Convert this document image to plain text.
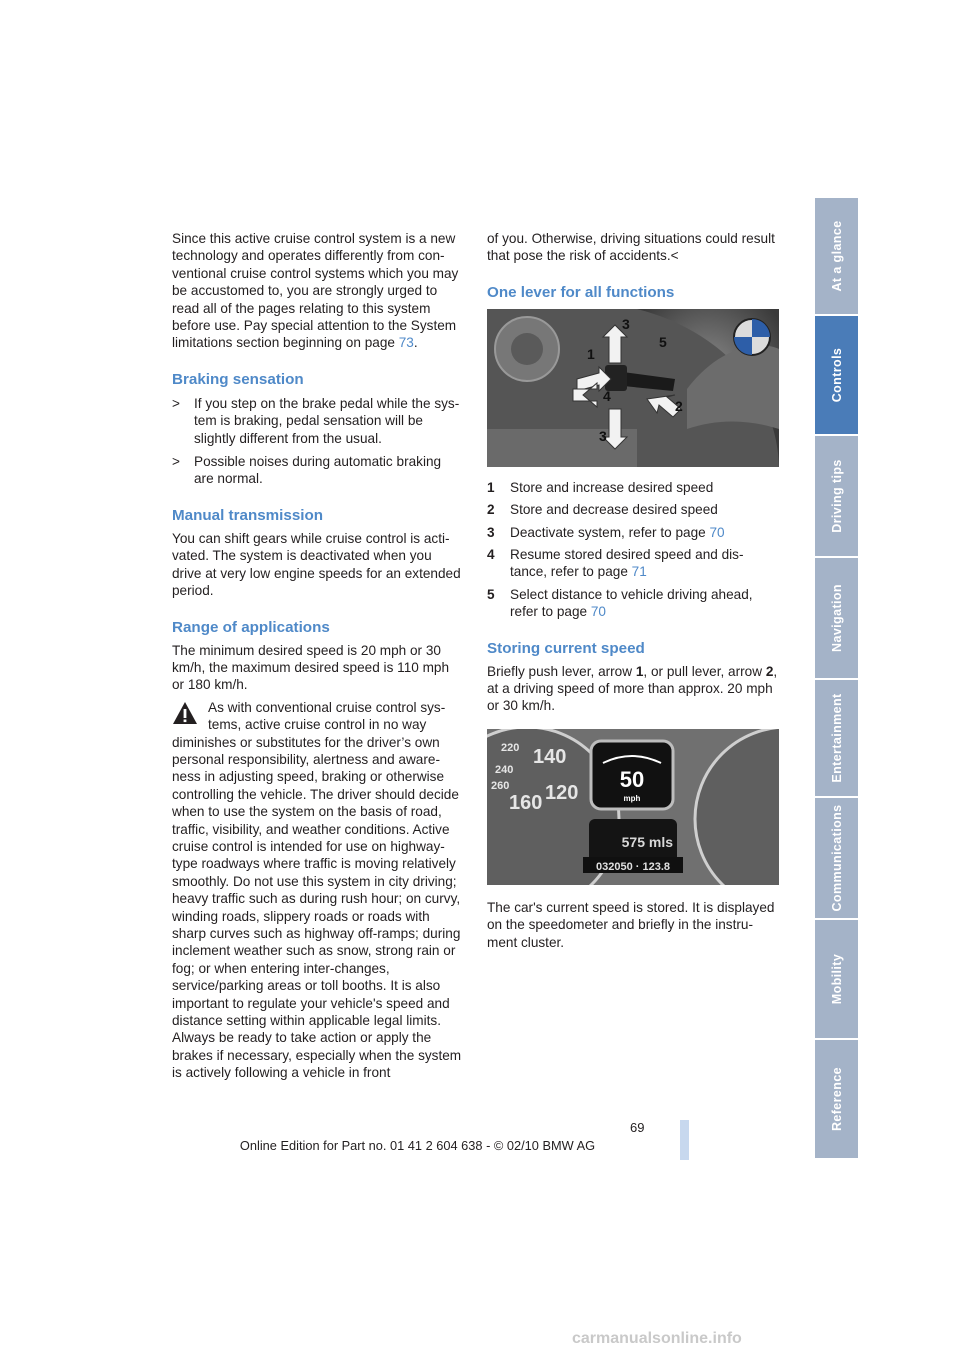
Since this active cruise control system is a new technology and operates differently from con-ventional cruise control systems which you may be accustomed to, you are strongly urged to read all of the pages relating to this system before use. Pay special attention to the System limitations section beginning on page 73.

Braking sensation
>	If you step on the brake pedal while the sys-tem is braking, pedal sensation will be slightly different from the usual.
>	Possible noises during automatic braking are normal.
Manual transmission

You can shift gears while cruise control is acti-vated. The system is deactivated when you drive at very low engine speeds for an extended period.

Range of applications

The minimum desired speed is 20 mph or 30 km/h, the maximum desired speed is 110 mph or 180 km/h.

As with conventional cruise control sys-tems, active cruise control in no way

diminishes or substitutes for the driver’s own personal responsibility, alertness and aware-ness in adjusting speed, braking or otherwise controlling the vehicle. The driver should decide when to use the system on the basis of road, traffic, visibility, and weather conditions. Active cruise control is intended for use on highway-type roadways where traffic is moving relatively smoothly. Do not use this system in city driving; heavy traffic such as during rush hour; on curvy, winding roads, slippery roads or roads with sharp curves such as highway off-ramps; during inclement weather such as snow, strong rain or fog; or when entering inter-changes, service/parking areas or toll booths. It is also important to regulate your vehicle's speed and distance setting within applicable legal limits. Always be ready to take action or apply the brakes if necessary, especially when the system is actively following a vehicle in front

of you. Otherwise, driving situations could result that pose the risk of accidents.<

One lever for all functions
1
2
3
3
4
5
1	Store and increase desired speed
2	Store and decrease desired speed
3	Deactivate system, refer to page 70
4	Resume stored desired speed and dis-tance, refer to page 71
5	Select distance to vehicle driving ahead, refer to page 70
Storing current speed

Briefly push lever, arrow 1, or pull lever, arrow 2, at a driving speed of more than approx. 20 mph or 30 km/h.

220 140
240
120
260
160
50
mph
575 mls
032050 · 123.8

The car's current speed is stored. It is displayed on the speedometer and briefly in the instru-ment cluster.

At a glance
Controls
Driving tips
Navigation
Entertainment
Communications
Mobility
Reference
69
Online Edition for Part no. 01 41 2 604 638 - © 02/10 BMW AG
carmanualsonline.info
